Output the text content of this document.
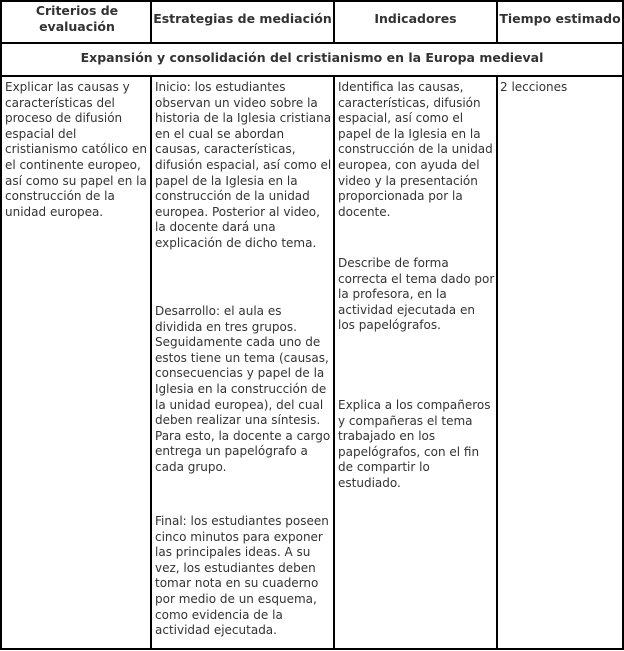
Criterios de evaluación
Estrategias de mediación	Indicadores	Tiempo estimado
Expansión y consolidación del cristianismo en la Europa medieval
Explicar las causas y características del proceso de difusión espacial del cristianismo católico en el continente europeo, así como su papel en la construcción de la unidad europea.
Inicio: los estudiantes observan un video sobre la historia de la Iglesia cristiana en el cual se abordan causas, características, difusión espacial, así como el papel de la Iglesia en la construcción de la unidad europea. Posterior al video, la docente dará una explicación de dicho tema.
Desarrollo: el aula es dividida en tres grupos. Seguidamente cada uno de estos tiene un tema (causas, consecuencias y papel de la Iglesia en la construcción de la unidad europea), del cual deben realizar una síntesis. Para esto, la docente a cargo entrega un papelógrafo a cada grupo.
Final: los estudiantes poseen cinco minutos para exponer las principales ideas. A su vez, los estudiantes deben tomar nota en su cuaderno por medio de un esquema, como evidencia de la actividad ejecutada.
Identifica las causas, características, difusión espacial, así como el papel de la Iglesia en la construcción de la unidad europea, con ayuda del video y la presentación proporcionada por la docente.
Describe de forma correcta el tema dado por la profesora, en la actividad ejecutada en los papelógrafos.
Explica a los compañeros y compañeras el tema trabajado en los papelógrafos, con el fin de compartir lo estudiado.
2 lecciones
